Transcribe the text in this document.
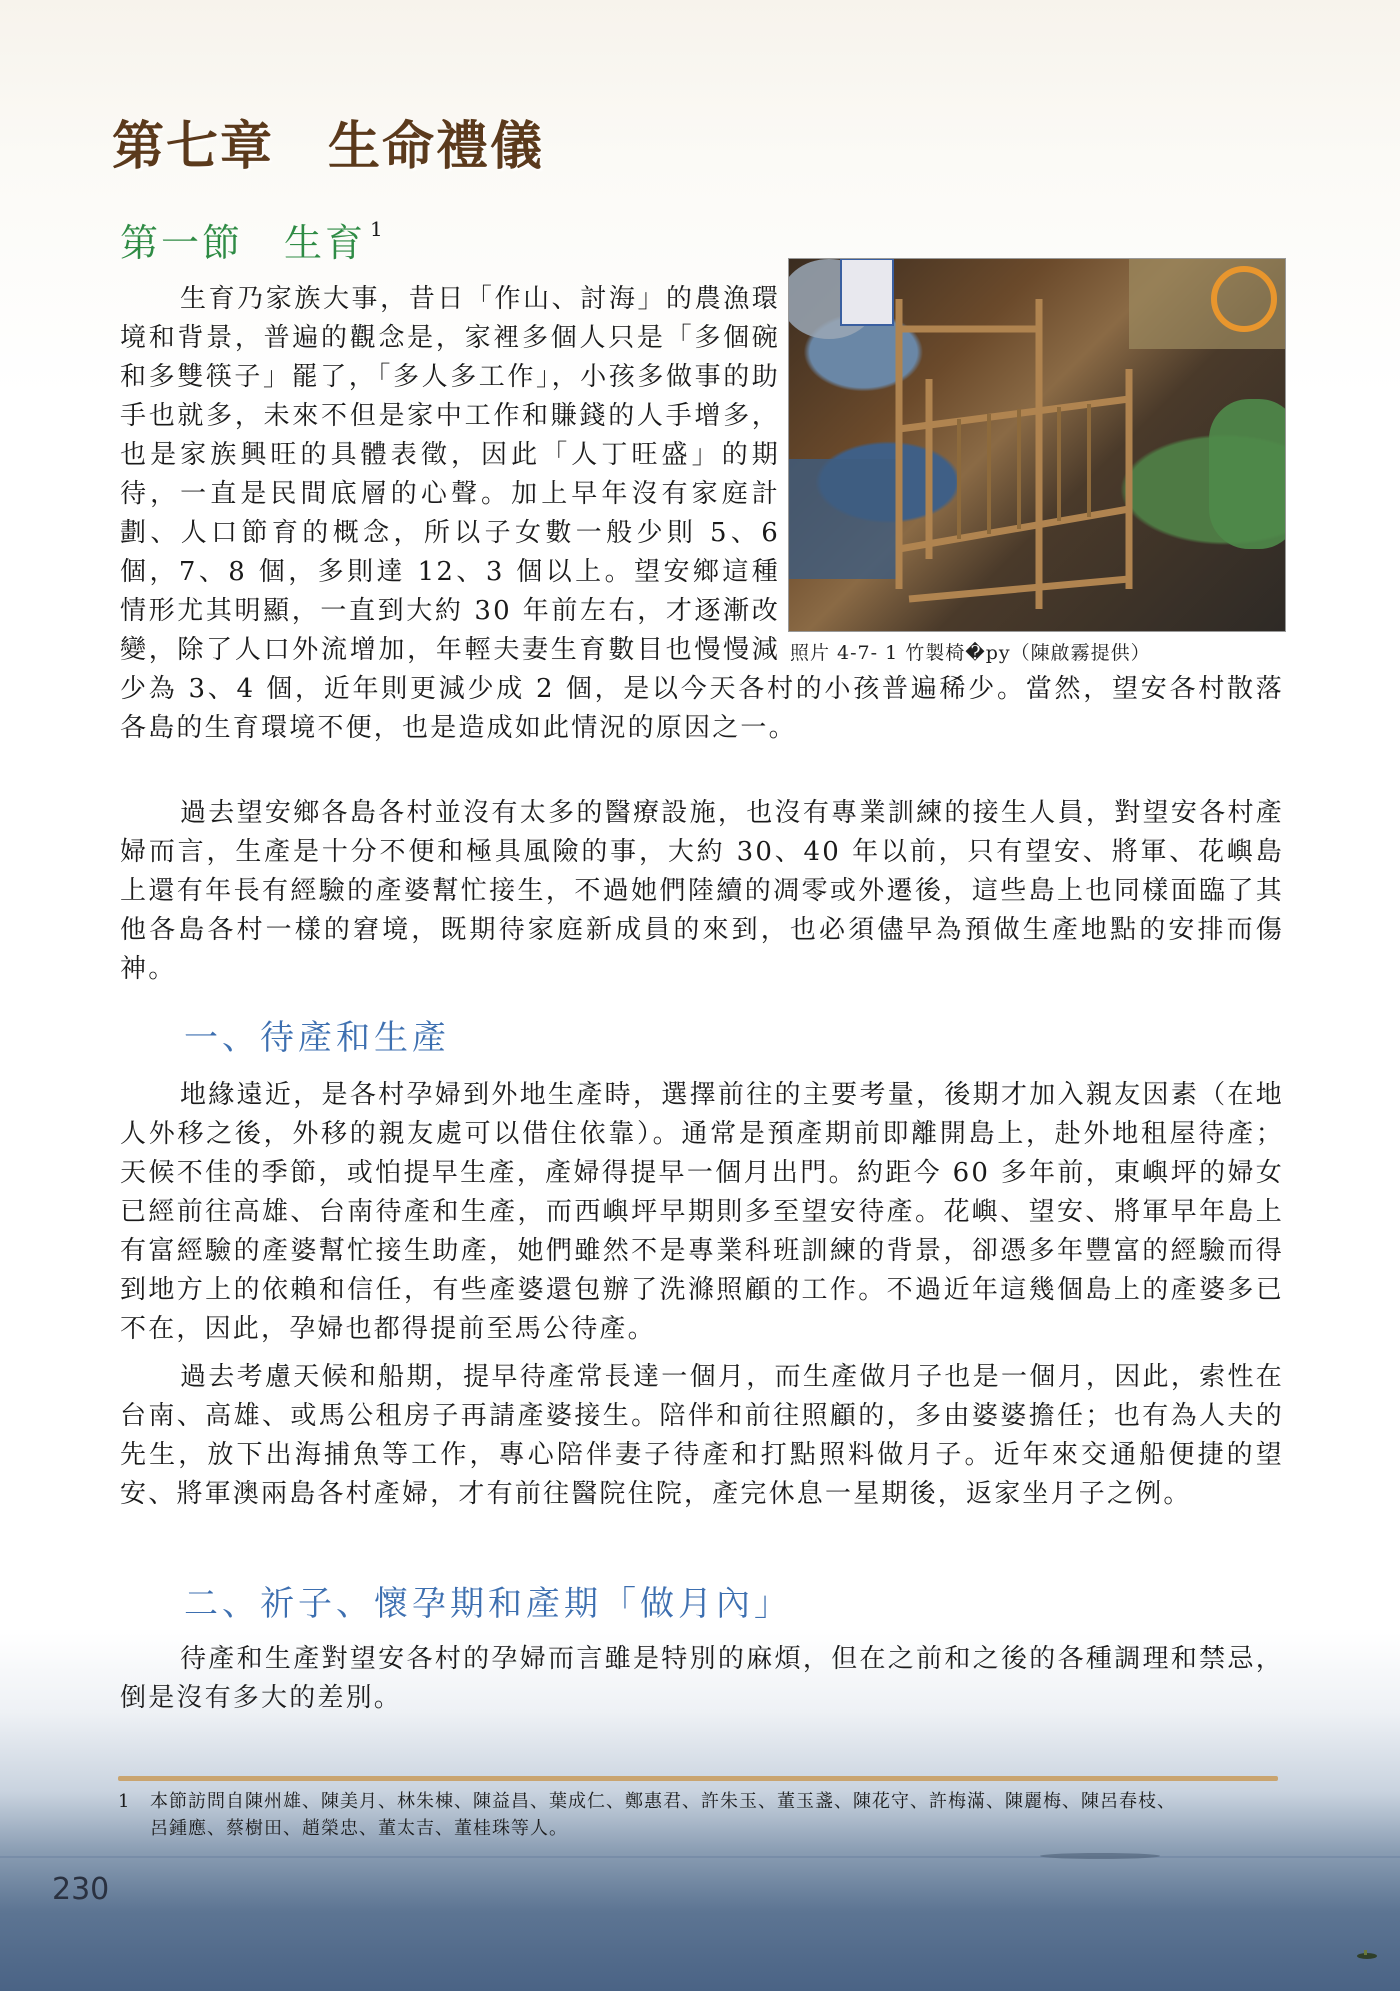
第七章　生命禮儀
第一節　生育 $^1$
照片 4-7- 1 竹製椅�py（陳啟霧提供）

生育乃家族大事，昔日「作山、討海」的農漁環境和背景，普遍的觀念是，家裡多個人只是「多個碗和多雙筷子」罷了，「多人多工作」，小孩多做事的助手也就多，未來不但是家中工作和賺錢的人手增多，也是家族興旺的具體表徵，因此「人丁旺盛」的期待，一直是民間底層的心聲。加上早年沒有家庭計劃、人口節育的概念，所以子女數一般少則 5、6 個，7、8 個，多則達 12、3 個以上。望安鄉這種情形尤其明顯，一直到大約 30 年前左右，才逐漸改變，除了人口外流增加，年輕夫妻生育數目也慢慢減少為 3、4 個，近年則更減少成 2 個，是以今天各村的小孩普遍稀少。當然，望安各村散落各島的生育環境不便，也是造成如此情況的原因之一。

過去望安鄉各島各村並沒有太多的醫療設施，也沒有專業訓練的接生人員，對望安各村產婦而言，生產是十分不便和極具風險的事，大約 30、40 年以前，只有望安、將軍、花嶼島上還有年長有經驗的產婆幫忙接生，不過她們陸續的凋零或外遷後，這些島上也同樣面臨了其他各島各村一樣的窘境，既期待家庭新成員的來到，也必須儘早為預做生產地點的安排而傷神。

一、待產和生產

地緣遠近，是各村孕婦到外地生產時，選擇前往的主要考量，後期才加入親友因素（在地人外移之後，外移的親友處可以借住依靠）。通常是預產期前即離開島上，赴外地租屋待產；天候不佳的季節，或怕提早生產，產婦得提早一個月出門。約距今 60 多年前，東嶼坪的婦女已經前往高雄、台南待產和生產，而西嶼坪早期則多至望安待產。花嶼、望安、將軍早年島上有富經驗的產婆幫忙接生助產，她們雖然不是專業科班訓練的背景，卻憑多年豐富的經驗而得到地方上的依賴和信任，有些產婆還包辦了洗滌照顧的工作。不過近年這幾個島上的產婆多已不在，因此，孕婦也都得提前至馬公待產。

過去考慮天候和船期，提早待產常長達一個月，而生產做月子也是一個月，因此，索性在台南、高雄、或馬公租房子再請產婆接生。陪伴和前往照顧的，多由婆婆擔任；也有為人夫的先生，放下出海捕魚等工作，專心陪伴妻子待產和打點照料做月子。近年來交通船便捷的望安、將軍澳兩島各村產婦，才有前往醫院住院，產完休息一星期後，返家坐月子之例。

二、祈子、懷孕期和產期「做月內」

待產和生產對望安各村的孕婦而言雖是特別的麻煩，但在之前和之後的各種調理和禁忌，倒是沒有多大的差別。

1 本節訪問自陳州雄、陳美月、林朱棟、陳益昌、葉成仁、鄭惠君、許朱玉、董玉盞、陳花守、許梅滿、陳麗梅、陳呂春枝、
呂鍾應、蔡樹田、趙榮忠、董太吉、董桂珠等人。
230
